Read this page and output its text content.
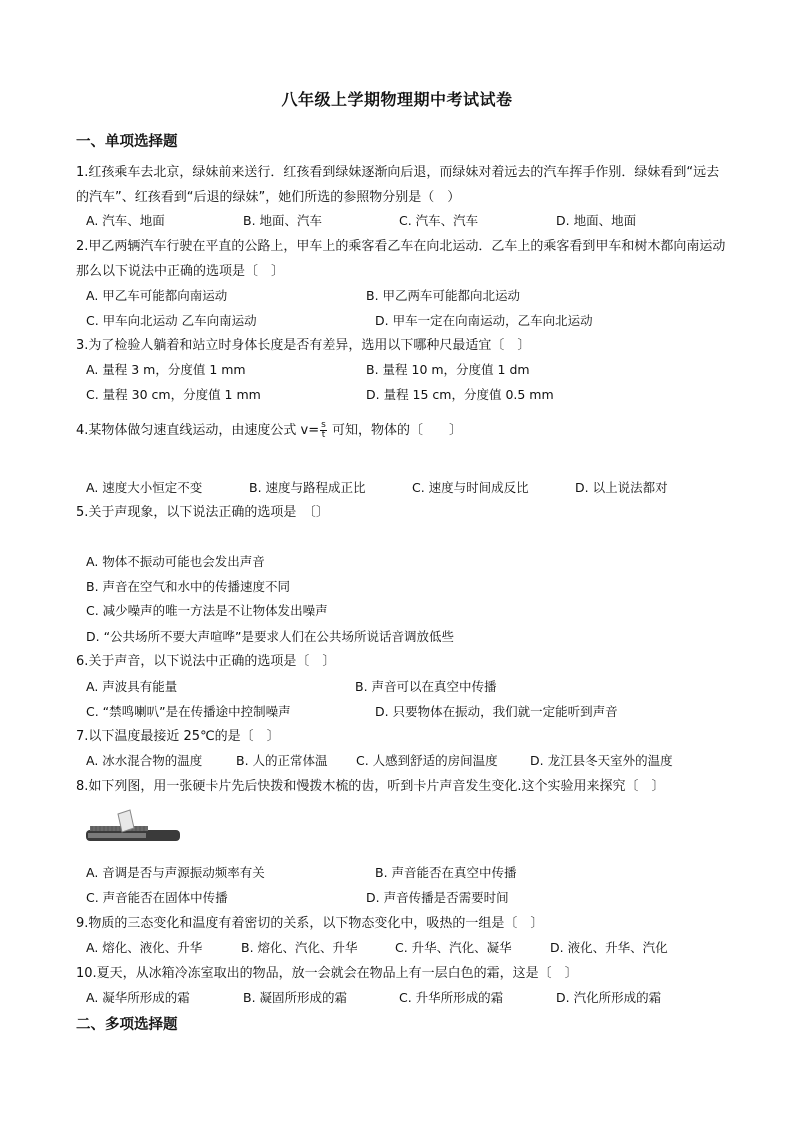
八年级上学期物理期中考试试卷
一、单项选择题
1.红孩乘车去北京，绿妹前来送行．红孩看到绿妹逐渐向后退，而绿妹对着远去的汽车挥手作别．绿妹看到“远去的汽车”、红孩看到“后退的绿妹”，她们所选的参照物分别是（　）
A. 汽车、地面	B. 地面、汽车	C. 汽车、汽车	D. 地面、地面
2.甲乙两辆汽车行驶在平直的公路上，甲车上的乘客看乙车在向北运动．乙车上的乘客看到甲车和树木都向南运动那么以下说法中正确的选项是〔　〕
A. 甲乙车可能都向南运动	B. 甲乙两车可能都向北运动
C. 甲车向北运动 乙车向南运动	D. 甲车一定在向南运动，乙车向北运动
3.为了检验人躺着和站立时身体长度是否有差异，选用以下哪种尺最适宜〔　〕
A. 量程 3 m，分度值 1 mm	B. 量程 10 m，分度值 1 dm
C. 量程 30 cm，分度值 1 mm	D. 量程 15 cm，分度值 0.5 mm
4.某物体做匀速直线运动，由速度公式 $v= \frac{s}{t}$ 可知，物体的〔　　〕
A. 速度大小恒定不变	B. 速度与路程成正比	C. 速度与时间成反比	D. 以上说法都对
5.关于声现象，以下说法正确的选项是　〔〕
A. 物体不振动可能也会发出声音
B. 声音在空气和水中的传播速度不同
C. 减少噪声的唯一方法是不让物体发出噪声
D. “公共场所不要大声喧哗”是要求人们在公共场所说话音调放低些
6.关于声音，以下说法中正确的选项是〔　〕
A. 声波具有能量	B. 声音可以在真空中传播
C. “禁鸣喇叭”是在传播途中控制噪声	D. 只要物体在振动，我们就一定能听到声音
7.以下温度最接近 25℃的是〔　〕
A. 冰水混合物的温度	B. 人的正常体温 C. 人感到舒适的房间温度	D. 龙江县冬天室外的温度
8.如下列图，用一张硬卡片先后快拨和慢拨木梳的齿，听到卡片声音发生变化.这个实验用来探究〔　〕
A. 音调是否与声源振动频率有关	B. 声音能否在真空中传播
C. 声音能否在固体中传播	D. 声音传播是否需要时间
9.物质的三态变化和温度有着密切的关系，以下物态变化中，吸热的一组是〔　〕
A. 熔化、液化、升华	B. 熔化、汽化、升华	C. 升华、汽化、凝华	D. 液化、升华、汽化
10.夏天，从冰箱冷冻室取出的物品，放一会就会在物品上有一层白色的霜，这是〔　〕
A. 凝华所形成的霜	B. 凝固所形成的霜	C. 升华所形成的霜	D. 汽化所形成的霜
二、多项选择题
